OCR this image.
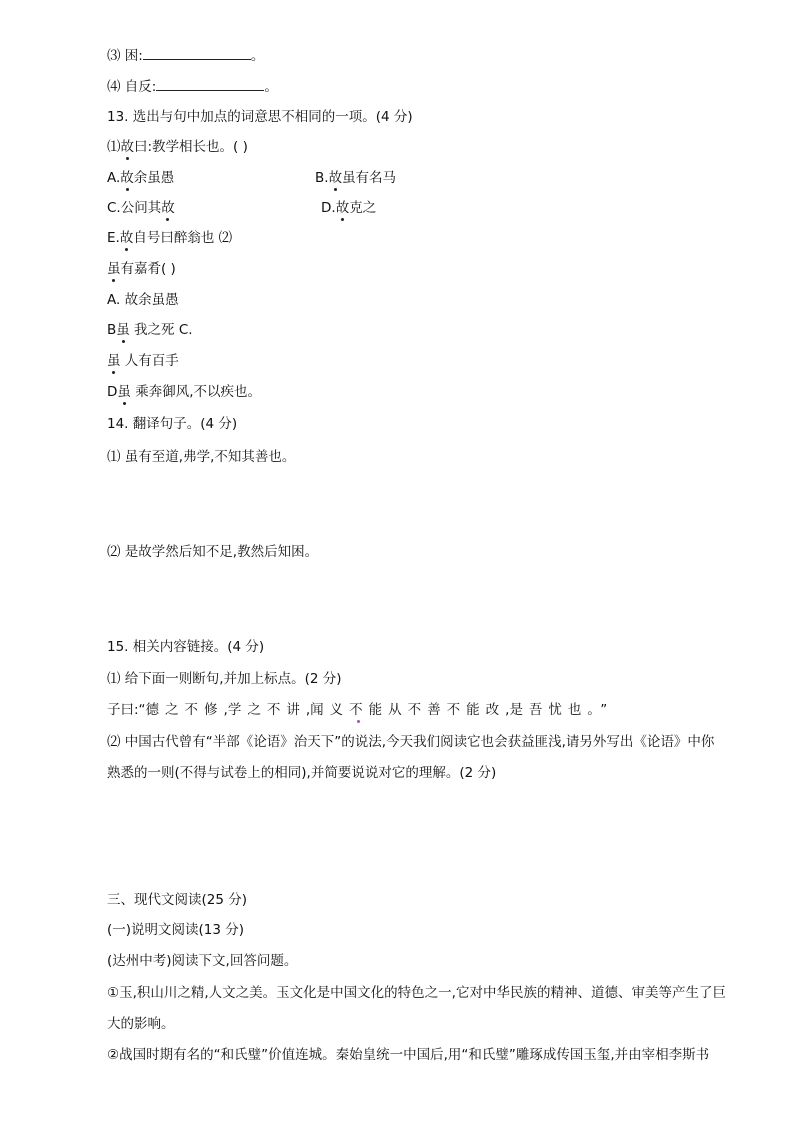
⑶ 困:	。
⑷ 自反:	。
13. 选出与句中加点的词意思不相同的一项。(4 分)
⑴故曰:教学相长也。( )
A.故余虽愚	B.故虽有名马
C.公问其故	D.故克之
E.故自号曰醉翁也 ⑵
虽有嘉肴( )
A. 故余虽愚
B虽 我之死 C.
虽 人有百手
D虽 乘奔御风,不以疾也。
14. 翻译句子。(4 分)
⑴ 虽有至道,弗学,不知其善也。
⑵ 是故学然后知不足,教然后知困。
15. 相关内容链接。(4 分)
⑴ 给下面一则断句,并加上标点。(2 分)
子曰:“德之不修,学之不讲,闻义不能从不善不能改,是吾忧也。”
⑵ 中国古代曾有“半部《论语》治天下”的说法,今天我们阅读它也会获益匪浅,请另外写出《论语》中你
熟悉的一则(不得与试卷上的相同),并简要说说对它的理解。(2 分)
三、现代文阅读(25 分)
(一)说明文阅读(13 分)
(达州中考)阅读下文,回答问题。
①玉,积山川之精,人文之美。玉文化是中国文化的特色之一,它对中华民族的精神、道德、审美等产生了巨
大的影响。
②战国时期有名的“和氏璧”价值连城。秦始皇统一中国后,用“和氏璧”雕琢成传国玉玺,并由宰相李斯书
